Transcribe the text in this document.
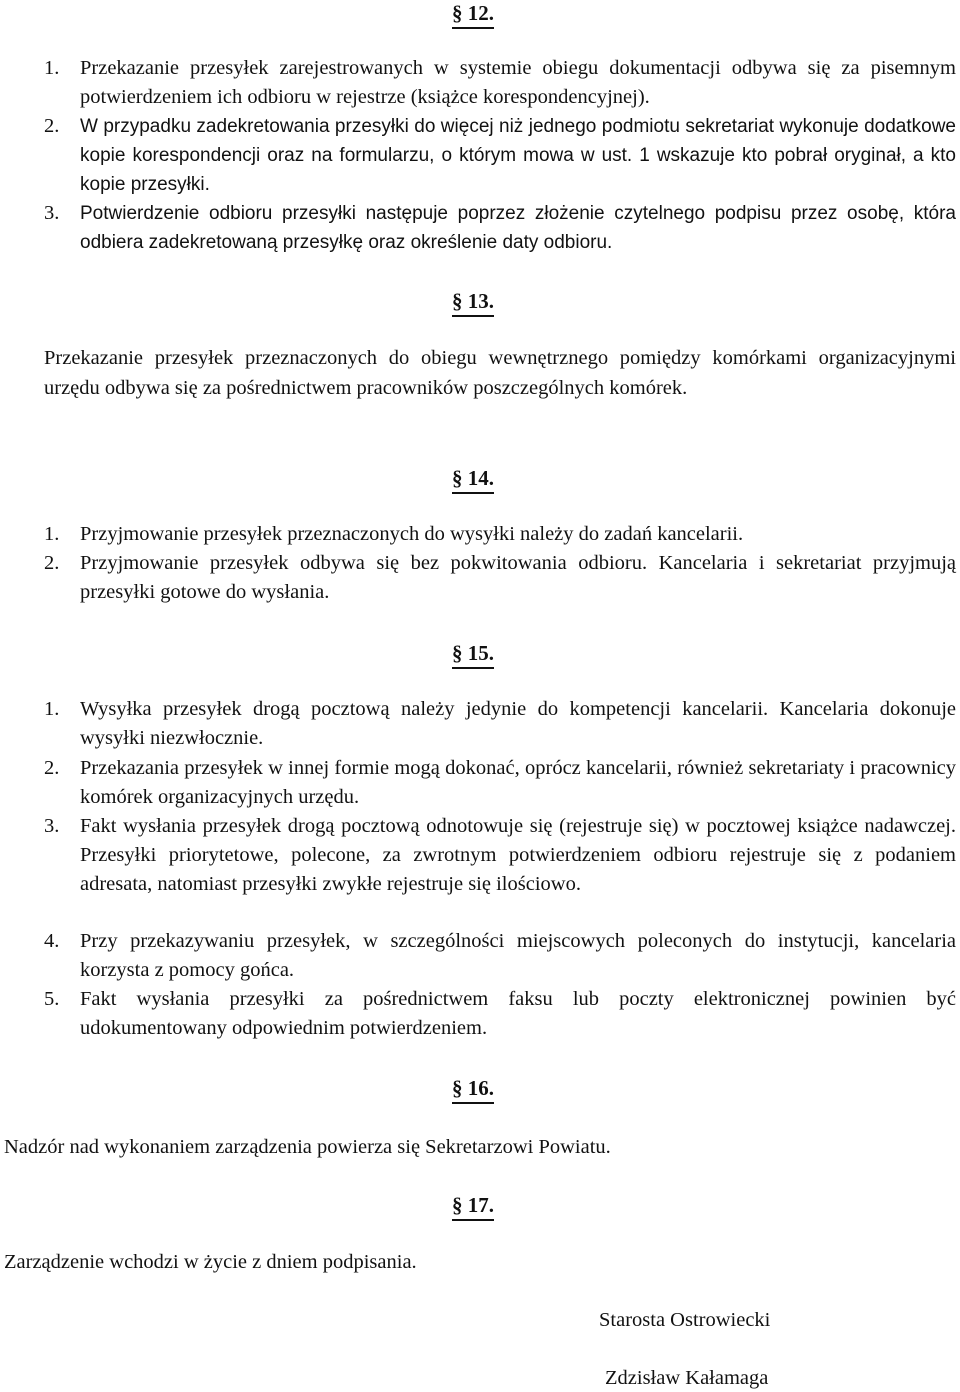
§ 12.
1. Przekazanie przesyłek zarejestrowanych w systemie obiegu dokumentacji odbywa się za pisemnym potwierdzeniem ich odbioru w rejestrze (książce korespondencyjnej).
2. W przypadku zadekretowania przesyłki do więcej niż jednego podmiotu sekretariat wykonuje dodatkowe kopie korespondencji oraz na formularzu, o którym mowa w ust. 1 wskazuje kto pobrał oryginał, a kto kopie przesyłki.
3. Potwierdzenie odbioru przesyłki następuje poprzez złożenie czytelnego podpisu przez osobę, która odbiera zadekretowaną przesyłkę oraz określenie daty odbioru.
§ 13.
Przekazanie przesyłek przeznaczonych do obiegu wewnętrznego pomiędzy komórkami organizacyjnymi urzędu odbywa się za pośrednictwem pracowników poszczególnych komórek.
§ 14.
1. Przyjmowanie przesyłek przeznaczonych do wysyłki należy do zadań kancelarii.
2. Przyjmowanie przesyłek odbywa się bez pokwitowania odbioru. Kancelaria i sekretariat przyjmują przesyłki gotowe do wysłania.
§ 15.
1. Wysyłka przesyłek drogą pocztową należy jedynie do kompetencji kancelarii. Kancelaria dokonuje wysyłki niezwłocznie.
2. Przekazania przesyłek w innej formie mogą dokonać, oprócz kancelarii, również sekretariaty i pracownicy komórek organizacyjnych urzędu.
3. Fakt wysłania przesyłek drogą pocztową odnotowuje się (rejestruje się) w pocztowej książce nadawczej. Przesyłki priorytetowe, polecone, za zwrotnym potwierdzeniem odbioru rejestruje się z podaniem adresata, natomiast przesyłki zwykłe rejestruje się ilościowo.
4. Przy przekazywaniu przesyłek, w szczególności miejscowych poleconych do instytucji, kancelaria korzysta z pomocy gońca.
5. Fakt wysłania przesyłki za pośrednictwem faksu lub poczty elektronicznej powinien być udokumentowany odpowiednim potwierdzeniem.
§ 16.
Nadzór nad wykonaniem zarządzenia powierza się Sekretarzowi Powiatu.
§ 17.
Zarządzenie wchodzi w życie z dniem podpisania.
Starosta Ostrowiecki
Zdzisław Kałamaga
